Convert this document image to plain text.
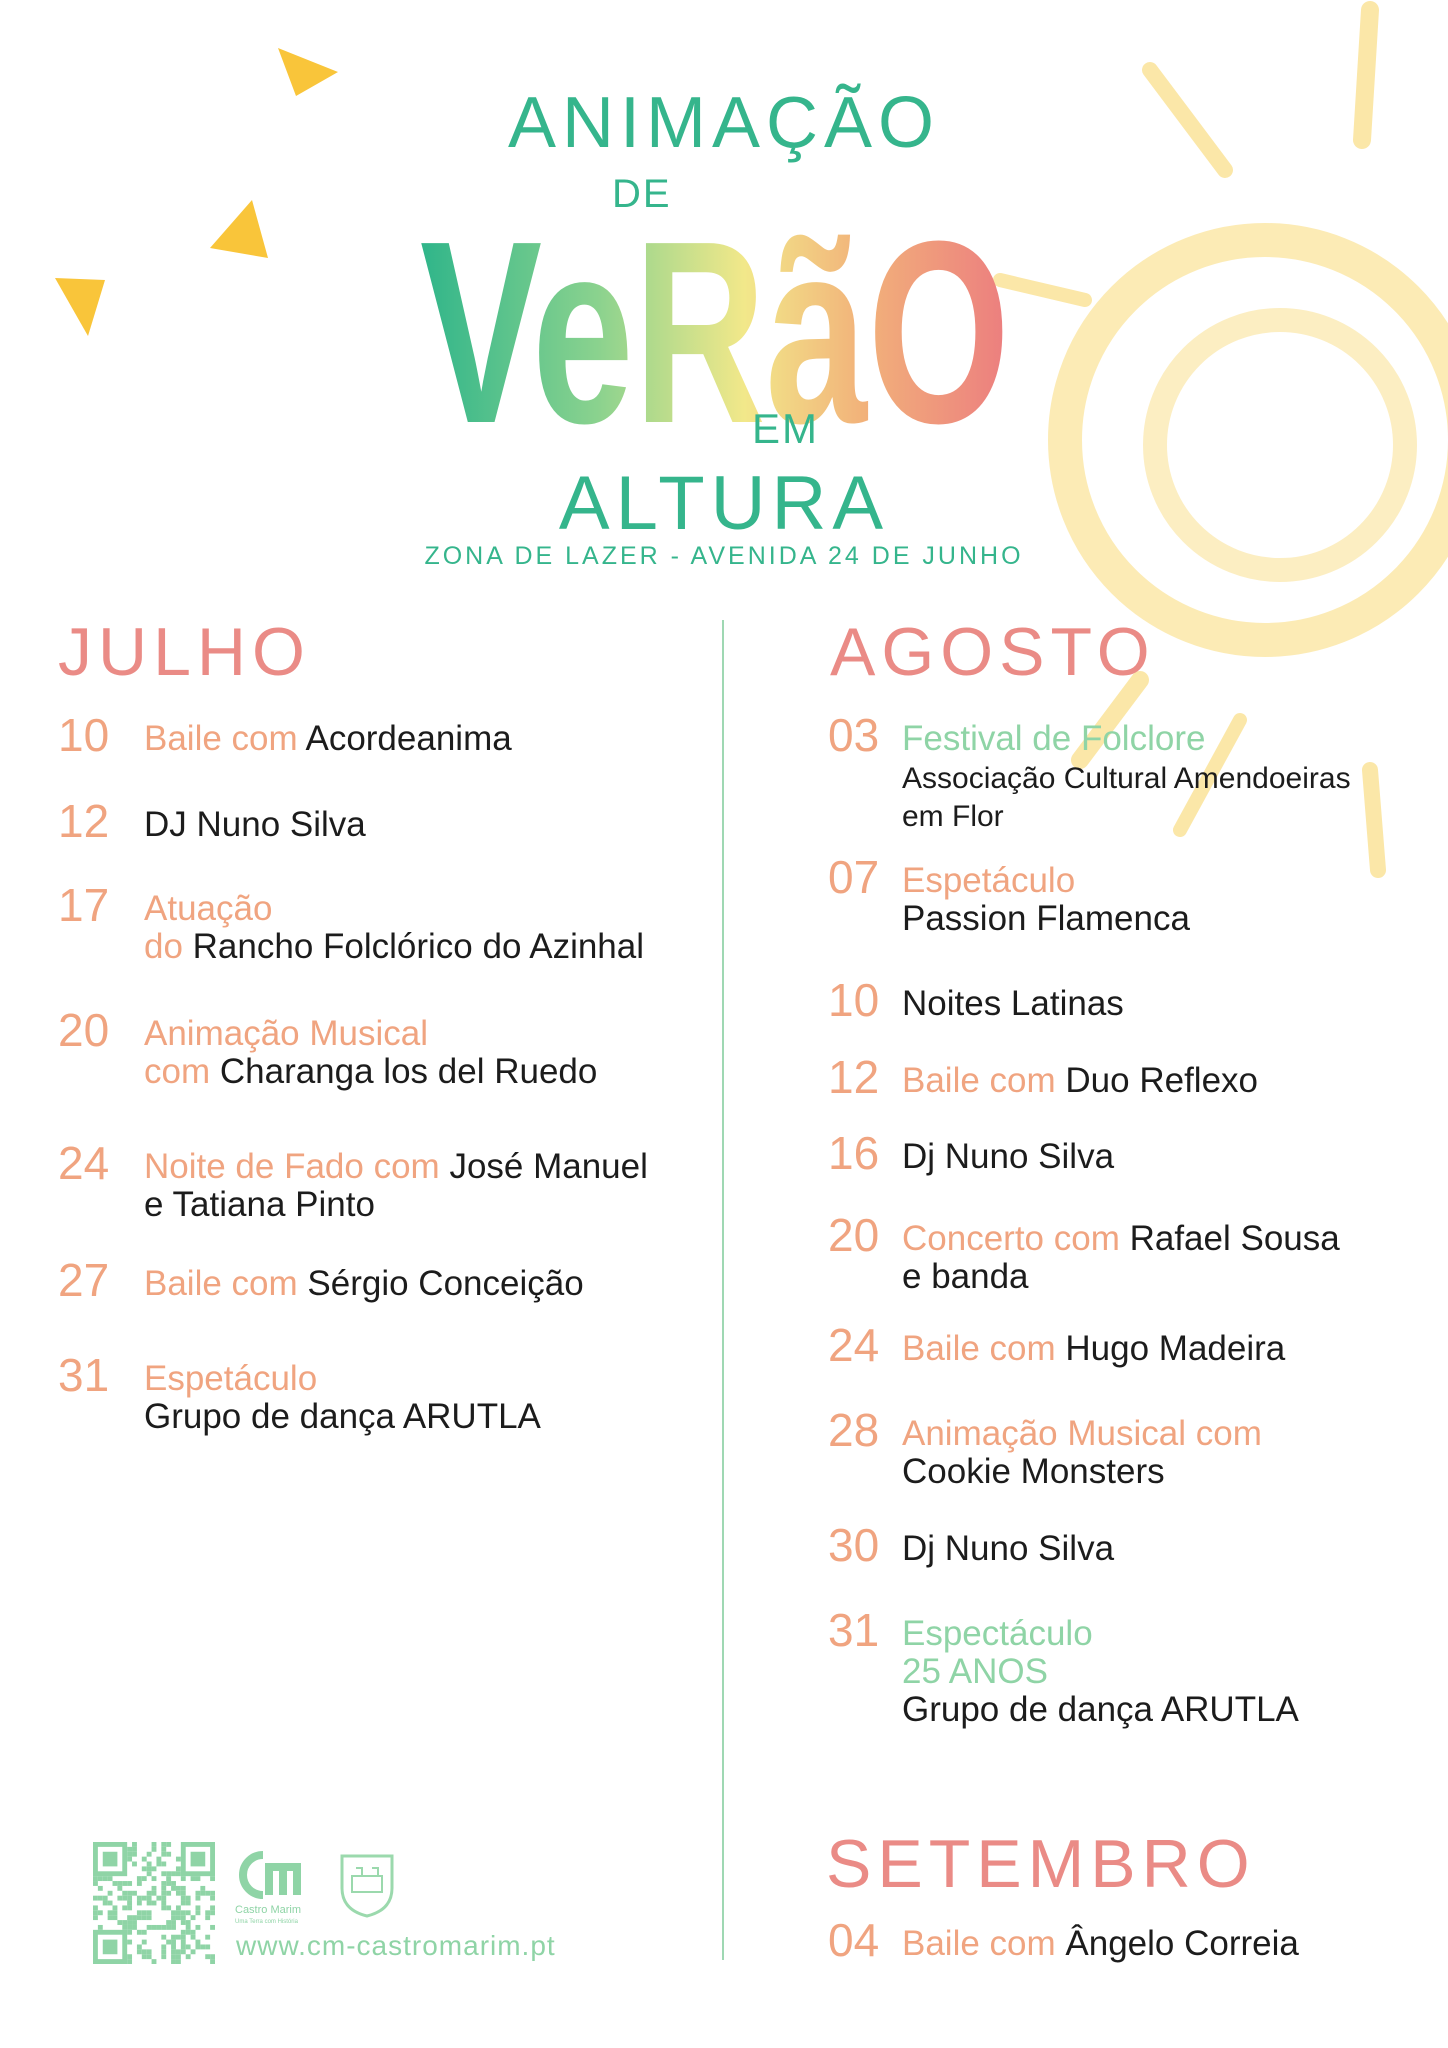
ANIMAÇÃO
DE
VeRãO
EM
ALTURA
ZONA DE LAZER - AVENIDA 24 DE JUNHO
JULHO	AGOSTO
SETEMBRO
10 Baile com Acordeanima
12 DJ Nuno Silva
17 Atuação
do Rancho Folclórico do Azinhal
20 Animação Musical
com Charanga los del Ruedo
24 Noite de Fado com José Manuel
e Tatiana Pinto
27 Baile com Sérgio Conceição
31 Espetáculo
Grupo de dança ARUTLA
03 Festival de Folclore
Associação Cultural Amendoeiras
em Flor
07 Espetáculo
Passion Flamenca
10 Noites Latinas
12 Baile com Duo Reflexo
16 Dj Nuno Silva
20 Concerto com Rafael Sousa
e banda
24 Baile com Hugo Madeira
28 Animação Musical com
Cookie Monsters
30 Dj Nuno Silva
31 Espectáculo
25 ANOS
Grupo de dança ARUTLA
04 Baile com Ângelo Correia
Castro Marim
Uma Terra com História
www.cm-castromarim.pt
